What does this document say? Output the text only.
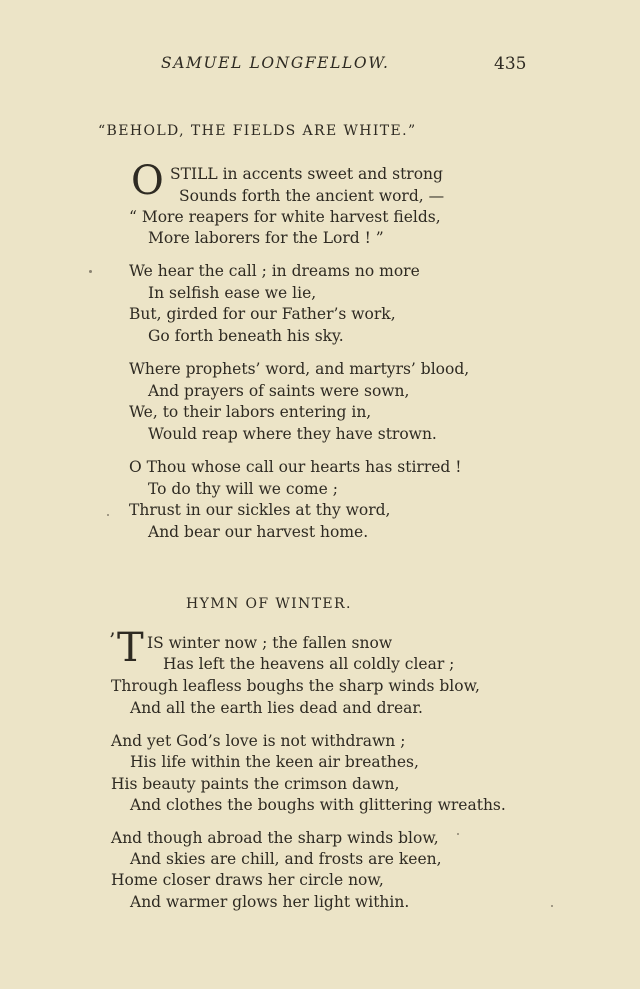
SAMUEL LONGFELLOW.	435
“BEHOLD, THE FIELDS ARE WHITE.”
O STILL in accents sweet and strong
Sounds forth the ancient word, —
“ More reapers for white harvest fields,
More laborers for the Lord ! ”
We hear the call ; in dreams no more
In selfish ease we lie,
But, girded for our Father’s work,
Go forth beneath his sky.
Where prophets’ word, and martyrs’ blood,
And prayers of saints were sown,
We, to their labors entering in,
Would reap where they have strown.
O Thou whose call our hearts has stirred !
To do thy will we come ;
Thrust in our sickles at thy word,
And bear our harvest home.
HYMN OF WINTER.
’ T IS winter now ; the fallen snow
Has left the heavens all coldly clear ;
Through leafless boughs the sharp winds blow,
And all the earth lies dead and drear.
And yet God’s love is not withdrawn ;
His life within the keen air breathes,
His beauty paints the crimson dawn,
And clothes the boughs with glittering wreaths.
And though abroad the sharp winds blow,
And skies are chill, and frosts are keen,
Home closer draws her circle now,
And warmer glows her light within.
